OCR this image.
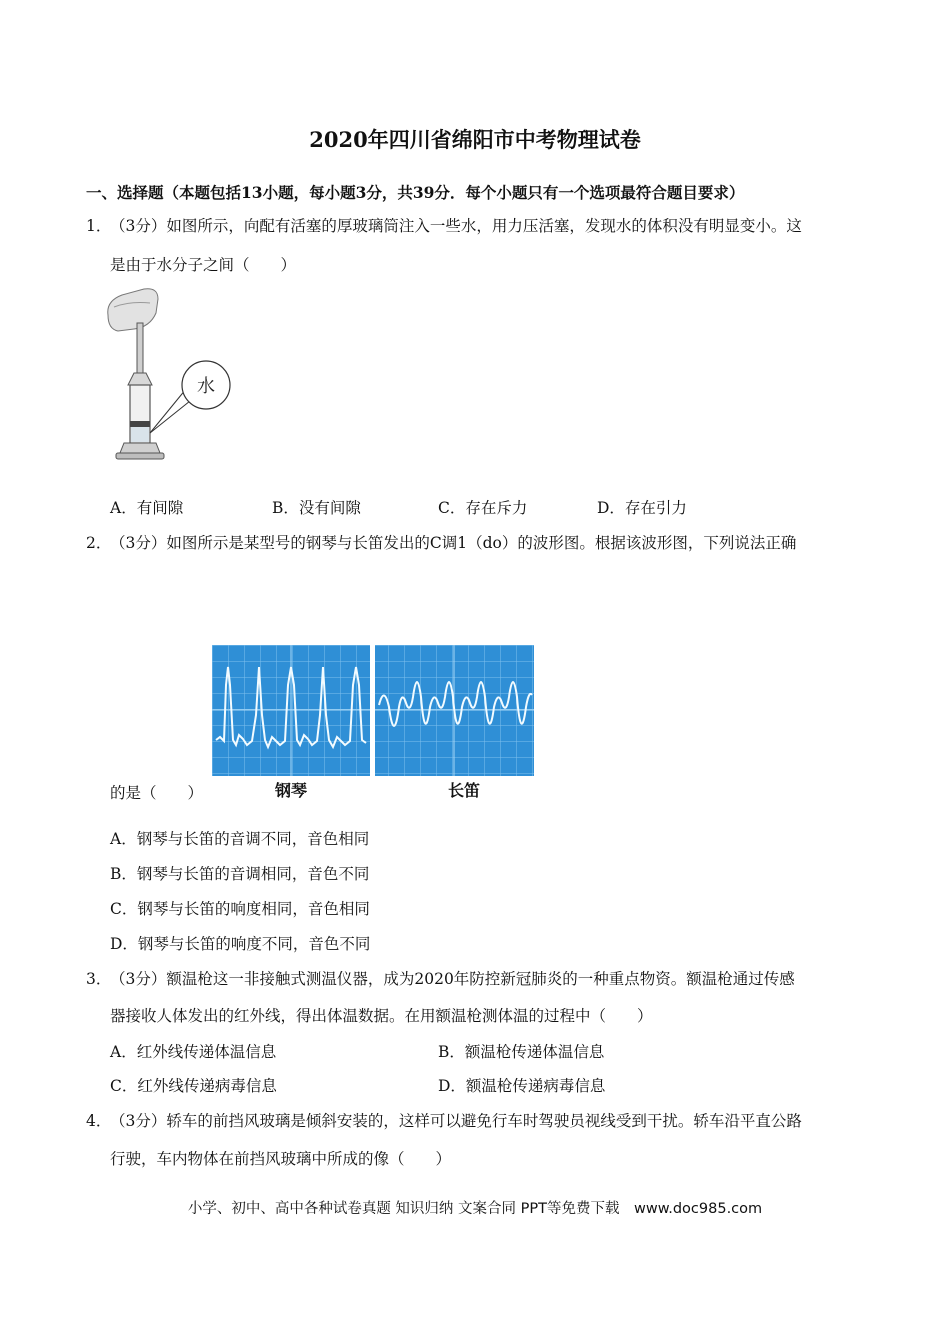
2020年四川省绵阳市中考物理试卷
一、选择题（本题包括13小题，每小题3分，共39分．每个小题只有一个选项最符合题目要求）
1．（3分）如图所示，向配有活塞的厚玻璃筒注入一些水，用力压活塞，发现水的体积没有明显变小。这
是由于水分子之间（　　）
水
A．有间隙	B．没有间隙	C．存在斥力	D．存在引力
2．（3分）如图所示是某型号的钢琴与长笛发出的C调1（do）的波形图。根据该波形图，下列说法正确
钢琴	长笛
的是（　　）
A．钢琴与长笛的音调不同，音色相同
B．钢琴与长笛的音调相同，音色不同
C．钢琴与长笛的响度相同，音色相同
D．钢琴与长笛的响度不同，音色不同
3．（3分）额温枪这一非接触式测温仪器，成为2020年防控新冠肺炎的一种重点物资。额温枪通过传感
器接收人体发出的红外线，得出体温数据。在用额温枪测体温的过程中（　　）
A．红外线传递体温信息	B．额温枪传递体温信息
C．红外线传递病毒信息	D．额温枪传递病毒信息
4．（3分）轿车的前挡风玻璃是倾斜安装的，这样可以避免行车时驾驶员视线受到干扰。轿车沿平直公路
行驶，车内物体在前挡风玻璃中所成的像（　　）
小学、初中、高中各种试卷真题 知识归纳 文案合同 PPT等免费下载　www.doc985.com
